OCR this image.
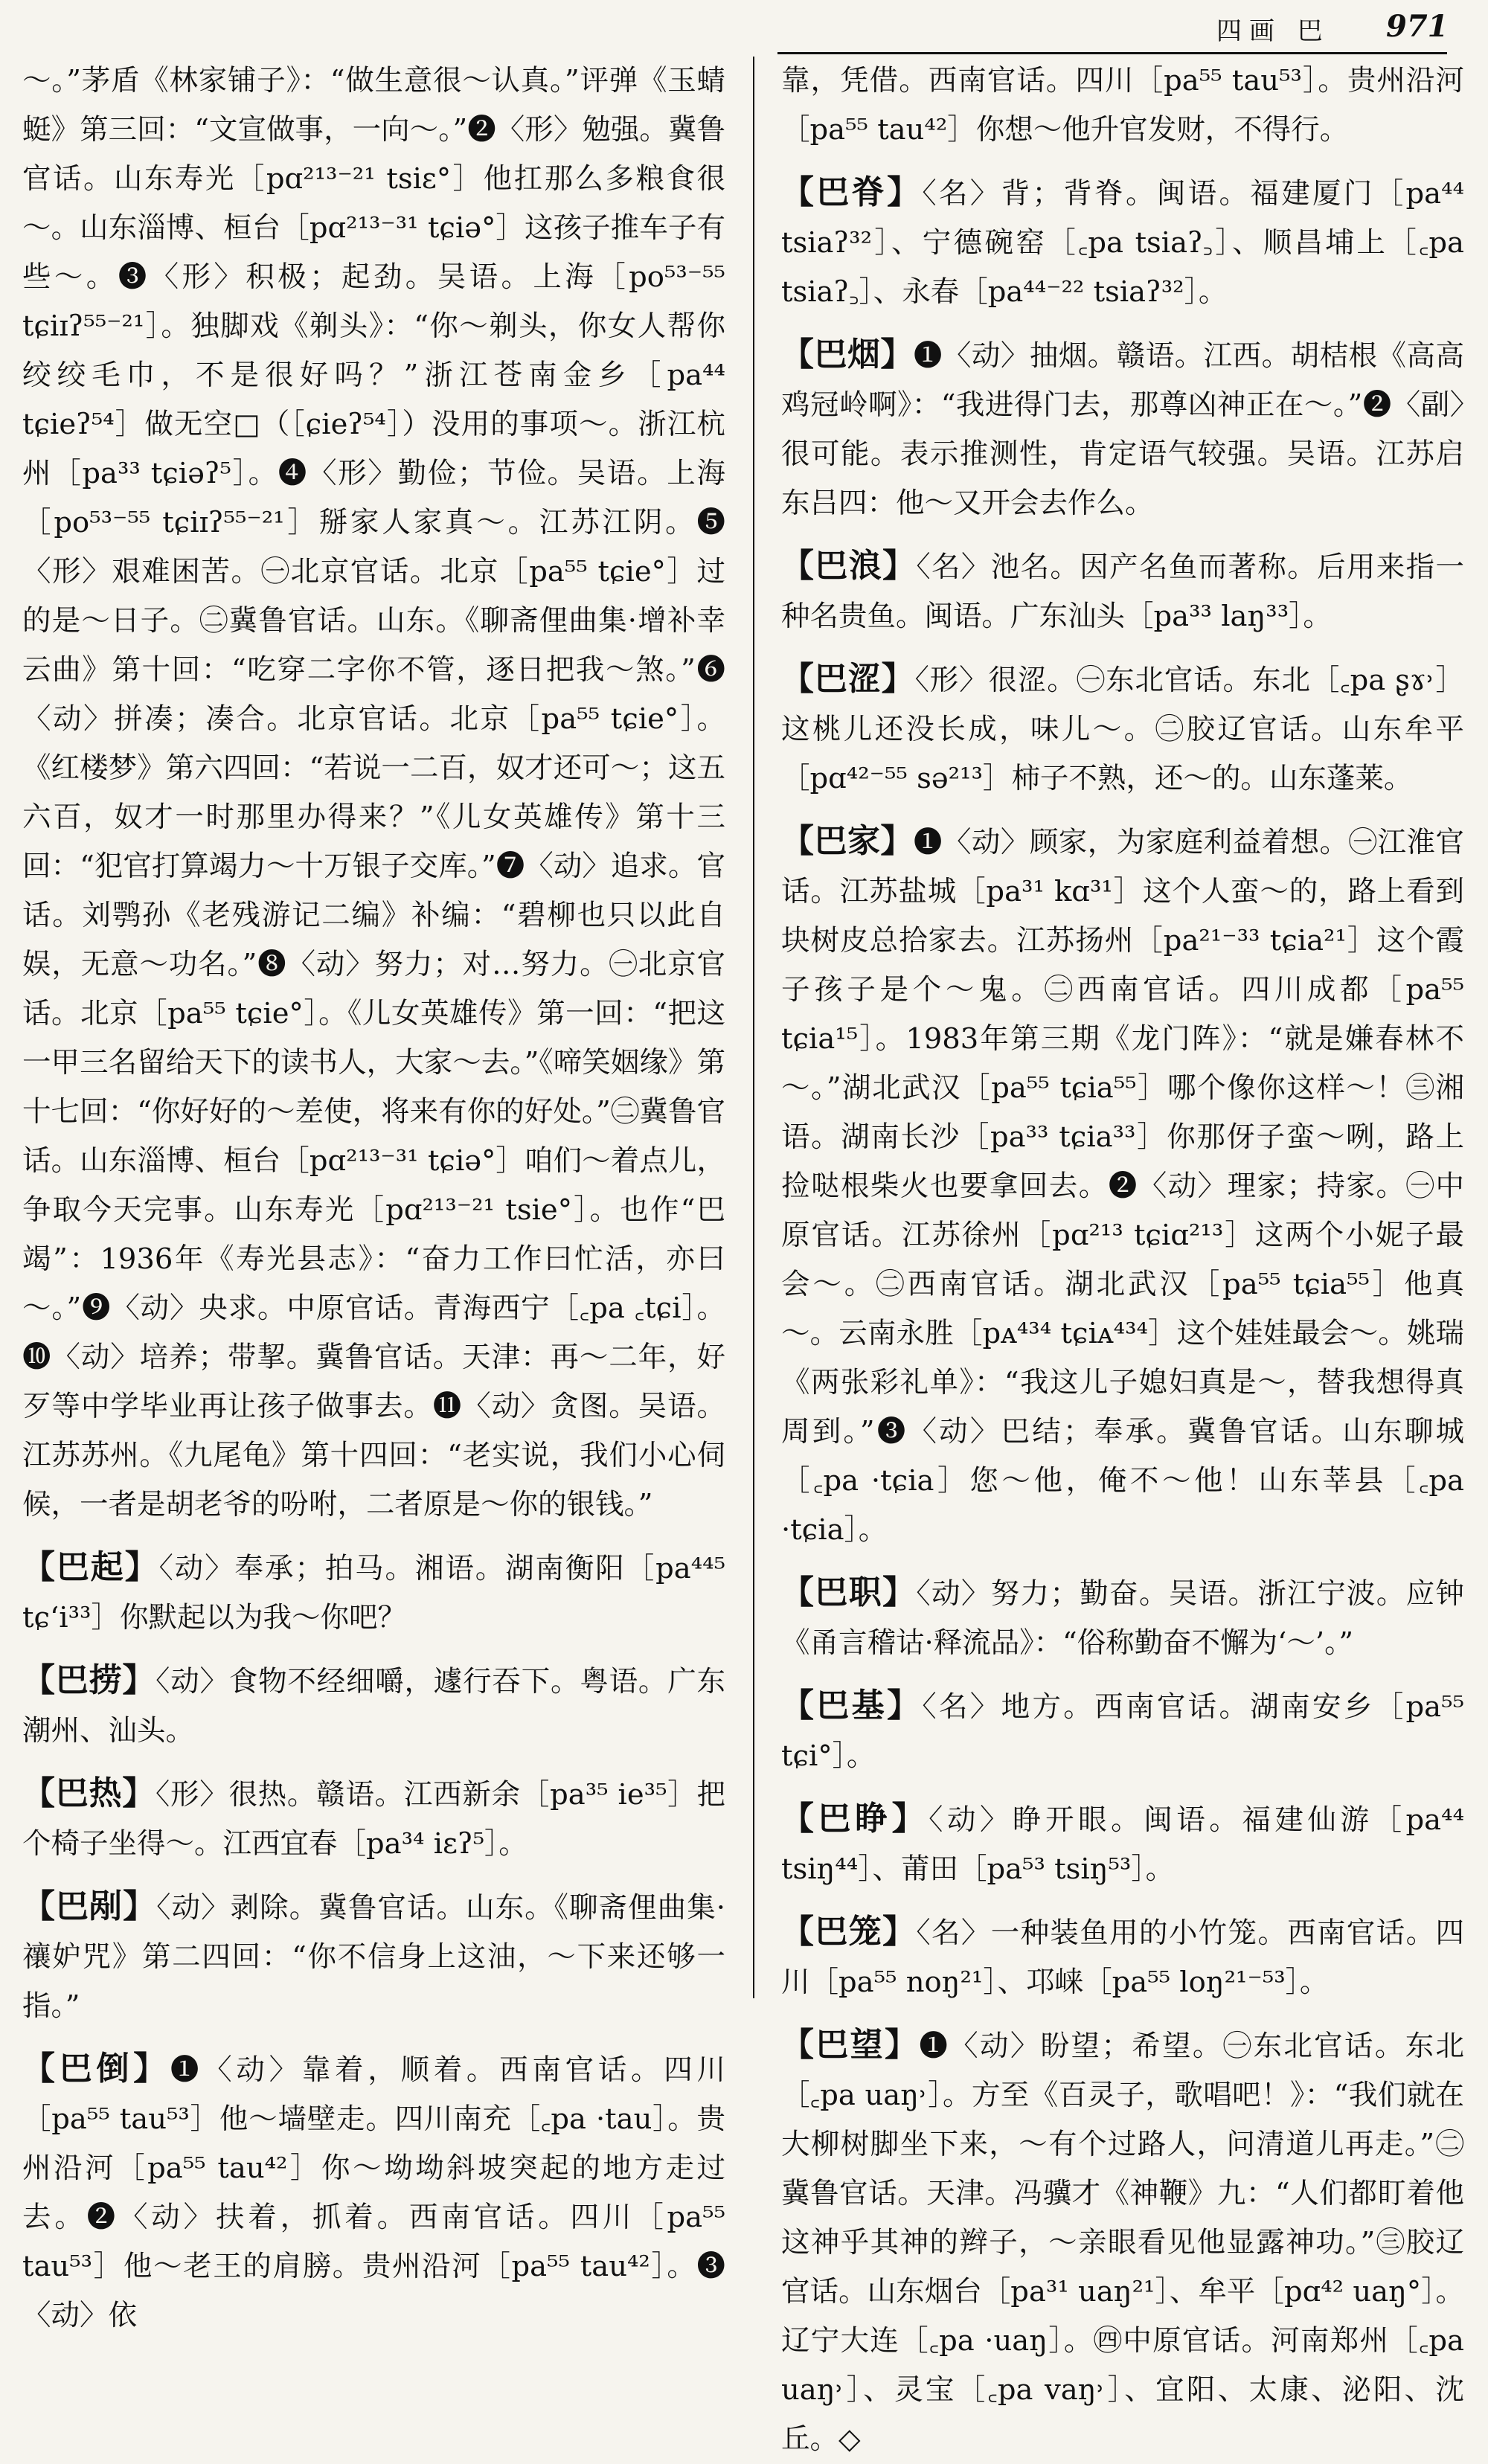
四画 巴 971

～。”茅盾《林家铺子》：“做生意很～认真。”评弹《玉蜻蜓》第三回：“文宣做事，一向～。”❷〈形〉勉强。冀鲁官话。山东寿光［pɑ²¹³⁻²¹ tsiɛ°］他扛那么多粮食很～。山东淄博、桓台［pɑ²¹³⁻³¹ tɕiə°］这孩子推车子有些～。❸〈形〉积极；起劲。吴语。上海［po⁵³⁻⁵⁵ tɕiɪʔ⁵⁵⁻²¹］。独脚戏《剃头》：“你～剃头，你女人帮你绞绞毛巾，不是很好吗？”浙江苍南金乡［pa⁴⁴ tɕieʔ⁵⁴］做无空□（［ɕieʔ⁵⁴］）没用的事项～。浙江杭州［pa³³ tɕiəʔ⁵］。❹〈形〉勤俭；节俭。吴语。上海［po⁵³⁻⁵⁵ tɕiɪʔ⁵⁵⁻²¹］掰家人家真～。江苏江阴。❺〈形〉艰难困苦。㊀北京官话。北京［pa⁵⁵ tɕie°］过的是～日子。㊁冀鲁官话。山东。《聊斋俚曲集·增补幸云曲》第十回：“吃穿二字你不管，逐日把我～煞。”❻〈动〉拼凑；凑合。北京官话。北京［pa⁵⁵ tɕie°］。《红楼梦》第六四回：“若说一二百，奴才还可～；这五六百，奴才一时那里办得来？”《儿女英雄传》第十三回：“犯官打算竭力～十万银子交库。”❼〈动〉追求。官话。刘鹗孙《老残游记二编》补编：“碧柳也只以此自娱，无意～功名。”❽〈动〉努力；对…努力。㊀北京官话。北京［pa⁵⁵ tɕie°］。《儿女英雄传》第一回：“把这一甲三名留给天下的读书人，大家～去。”《啼笑姻缘》第十七回：“你好好的～差使，将来有你的好处。”㊁冀鲁官话。山东淄博、桓台［pɑ²¹³⁻³¹ tɕiə°］咱们～着点儿，争取今天完事。山东寿光［pɑ²¹³⁻²¹ tsie°］。也作“巴竭”：1936年《寿光县志》：“奋力工作曰忙活，亦曰～。”❾〈动〉央求。中原官话。青海西宁［꜀pa ꜀tɕi］。❿〈动〉培养；带挈。冀鲁官话。天津：再～二年，好歹等中学毕业再让孩子做事去。⓫〈动〉贪图。吴语。江苏苏州。《九尾龟》第十四回：“老实说，我们小心伺候，一者是胡老爷的吩咐，二者原是～你的银钱。”

【巴起】〈动〉奉承；拍马。湘语。湖南衡阳［pa⁴⁴⁵ tɕʻi³³］你默起以为我～你吧？
【巴捞】〈动〉食物不经细嚼，遽行吞下。粤语。广东潮州、汕头。
【巴热】〈形〉很热。赣语。江西新余［pa³⁵ ie³⁵］把个椅子坐得～。江西宜春［pa³⁴ iɛʔ⁵］。
【巴剐】〈动〉剥除。冀鲁官话。山东。《聊斋俚曲集·禳妒咒》第二四回：“你不信身上这油，～下来还够一指。”
【巴倒】❶〈动〉靠着，顺着。西南官话。四川［pa⁵⁵ tau⁵³］他～墙壁走。四川南充［꜀pa ·tau］。贵州沿河［pa⁵⁵ tau⁴²］你～坳坳斜坡突起的地方走过去。❷〈动〉扶着，抓着。西南官话。四川［pa⁵⁵ tau⁵³］他～老王的肩膀。贵州沿河［pa⁵⁵ tau⁴²］。❸〈动〉依

靠，凭借。西南官话。四川［pa⁵⁵ tau⁵³］。贵州沿河［pa⁵⁵ tau⁴²］你想～他升官发财，不得行。

【巴脊】〈名〉背；背脊。闽语。福建厦门［pa⁴⁴ tsiaʔ³²］、宁德碗窑［꜀pa tsiaʔ꜆］、顺昌埔上［꜀pa tsiaʔ꜆］、永春［pa⁴⁴⁻²² tsiaʔ³²］。
【巴烟】❶〈动〉抽烟。赣语。江西。胡桔根《高高鸡冠岭啊》：“我进得门去，那尊凶神正在～。”❷〈副〉很可能。表示推测性，肯定语气较强。吴语。江苏启东吕四：他～又开会去作么。
【巴浪】〈名〉池名。因产名鱼而著称。后用来指一种名贵鱼。闽语。广东汕头［pa³³ laŋ³³］。
【巴涩】〈形〉很涩。㊀东北官话。东北［꜀pa ʂɤ˒］这桃儿还没长成，味儿～。㊁胶辽官话。山东牟平［pɑ⁴²⁻⁵⁵ sə²¹³］柿子不熟，还～的。山东蓬莱。
【巴家】❶〈动〉顾家，为家庭利益着想。㊀江淮官话。江苏盐城［pa³¹ kɑ³¹］这个人蛮～的，路上看到块树皮总拾家去。江苏扬州［pa²¹⁻³³ tɕia²¹］这个霞子孩子是个～鬼。㊁西南官话。四川成都［pa⁵⁵ tɕia¹⁵］。1983年第三期《龙门阵》：“就是嫌春林不～。”湖北武汉［pa⁵⁵ tɕia⁵⁵］哪个像你这样～！㊂湘语。湖南长沙［pa³³ tɕia³³］你那伢子蛮～咧，路上捡哒根柴火也要拿回去。❷〈动〉理家；持家。㊀中原官话。江苏徐州［pɑ²¹³ tɕiɑ²¹³］这两个小妮子最会～。㊁西南官话。湖北武汉［pa⁵⁵ tɕia⁵⁵］他真～。云南永胜［pᴀ⁴³⁴ tɕiᴀ⁴³⁴］这个娃娃最会～。姚瑞《两张彩礼单》：“我这儿子媳妇真是～，替我想得真周到。”❸〈动〉巴结；奉承。冀鲁官话。山东聊城［꜀pa ·tɕia］您～他，俺不～他！山东莘县［꜀pa ·tɕia］。
【巴职】〈动〉努力；勤奋。吴语。浙江宁波。应钟《甬言稽诂·释流品》：“俗称勤奋不懈为‘～’。”
【巴基】〈名〉地方。西南官话。湖南安乡［pa⁵⁵ tɕi°］。
【巴睁】〈动〉睁开眼。闽语。福建仙游［pa⁴⁴ tsiŋ⁴⁴］、莆田［pa⁵³ tsiŋ⁵³］。
【巴笼】〈名〉一种装鱼用的小竹笼。西南官话。四川［pa⁵⁵ noŋ²¹］、邛崃［pa⁵⁵ loŋ²¹⁻⁵³］。
【巴望】❶〈动〉盼望；希望。㊀东北官话。东北［꜀pa uaŋ˒］。方至《百灵子，歌唱吧！》：“我们就在大柳树脚坐下来，～有个过路人，问清道儿再走。”㊁冀鲁官话。天津。冯骥才《神鞭》九：“人们都盯着他这神乎其神的辫子，～亲眼看见他显露神功。”㊂胶辽官话。山东烟台［pa³¹ uaŋ²¹］、牟平［pɑ⁴² uaŋ°］。辽宁大连［꜀pa ·uaŋ］。㊃中原官话。河南郑州［꜀pa uaŋ˒］、灵宝［꜀pa vaŋ˒］、宜阳、太康、泌阳、沈丘。◇
